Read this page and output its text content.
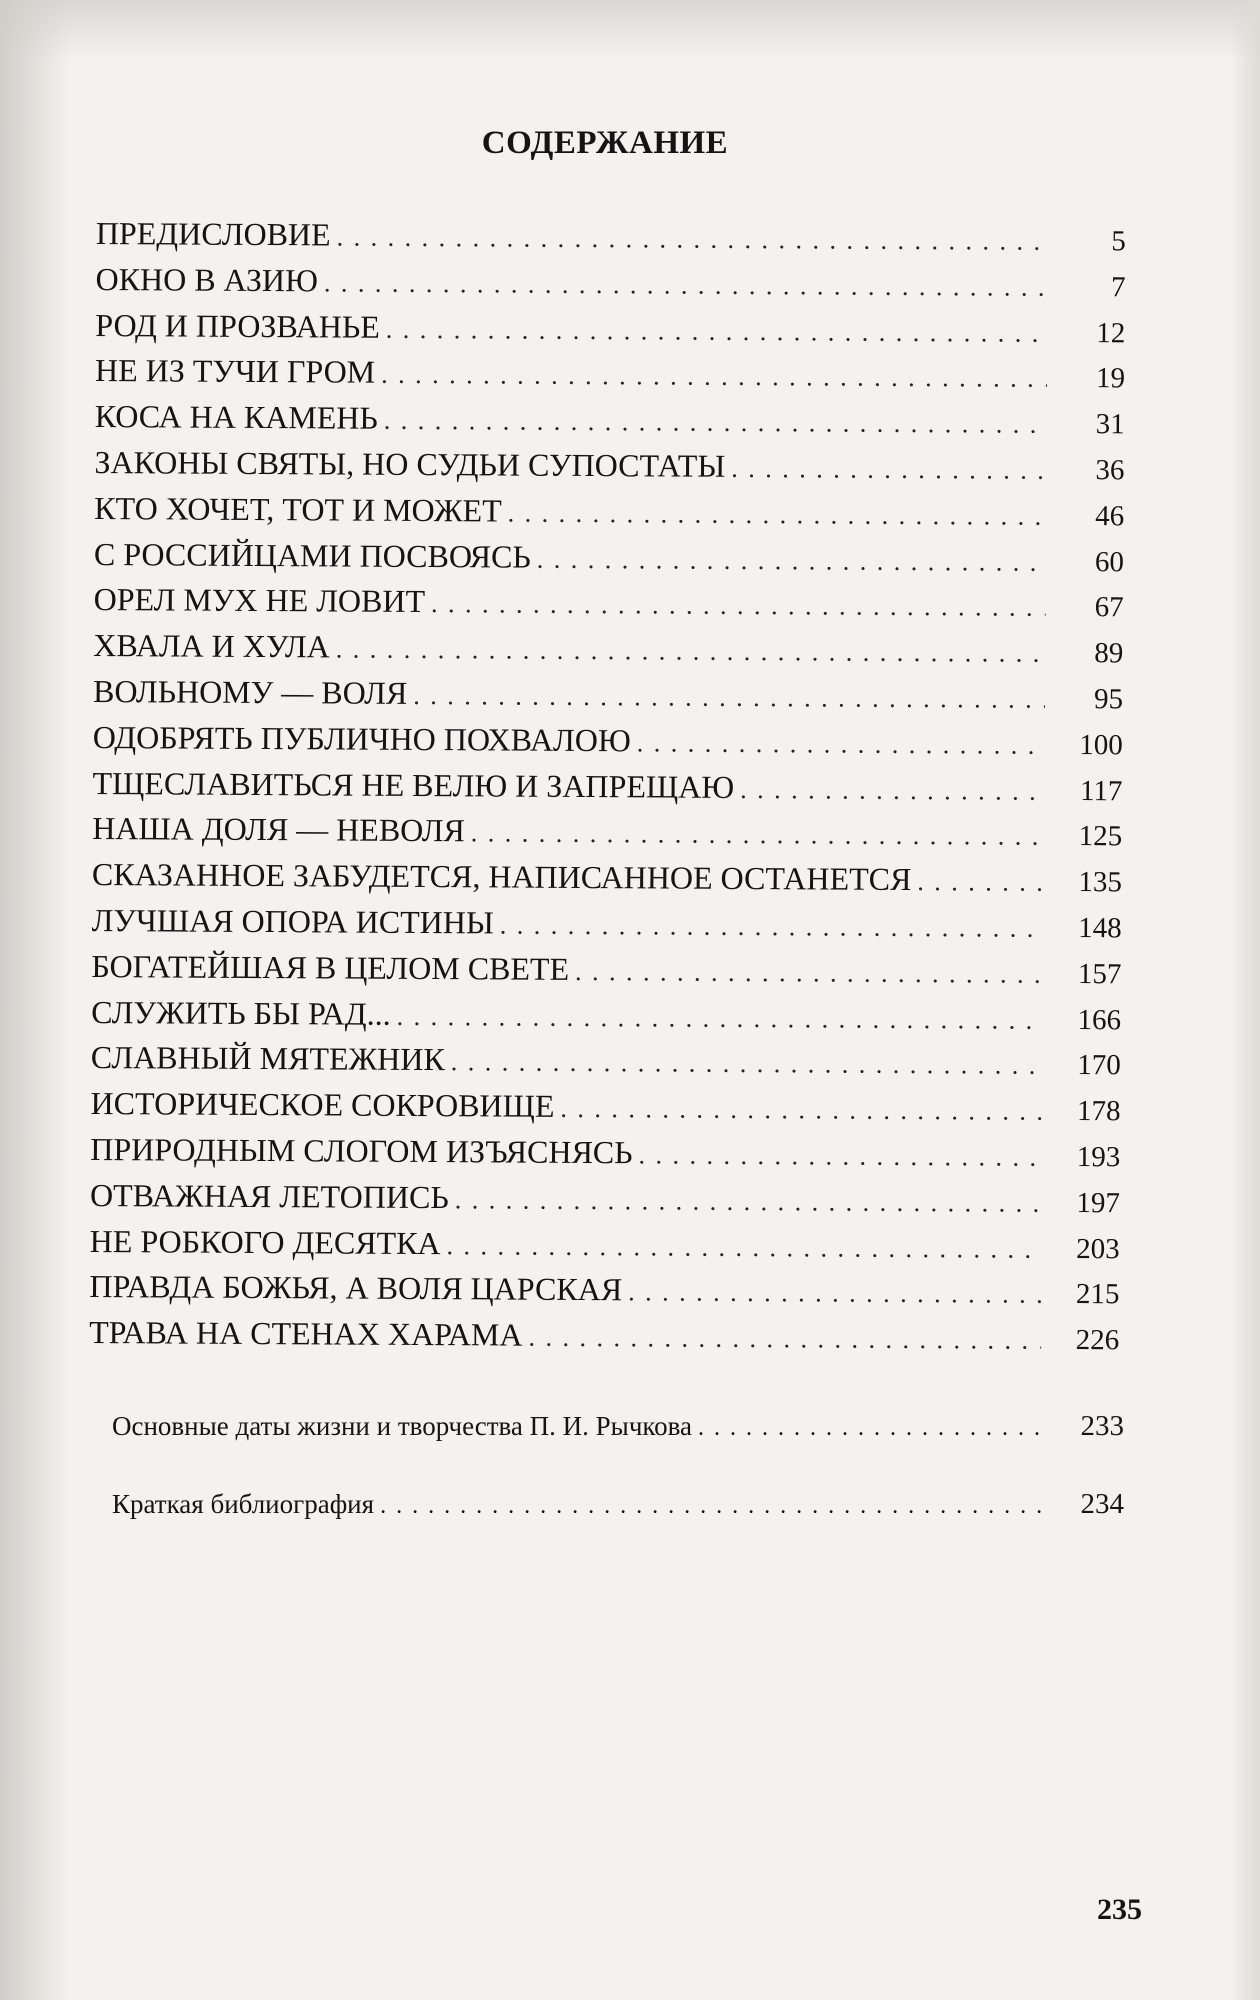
СОДЕРЖАНИЕ
ПРЕДИСЛОВИЕ . . .	5
ОКНО В АЗИЮ . . .	7
РОД И ПРОЗВАНЬЕ . . .	12
НЕ ИЗ ТУЧИ ГРОМ . . .	19
КОСА НА КАМЕНЬ . . .	31
ЗАКОНЫ СВЯТЫ, НО СУДЬИ СУПОСТАТЫ . . .	36
КТО ХОЧЕТ, ТОТ И МОЖЕТ . . .	46
С РОССИЙЦАМИ ПОСВОЯСЬ . . .	60
ОРЕЛ МУХ НЕ ЛОВИТ . . .	67
ХВАЛА И ХУЛА . . .	89
ВОЛЬНОМУ — ВОЛЯ . . .	95
ОДОБРЯТЬ ПУБЛИЧНО ПОХВАЛОЮ . . .	100
ТЩЕСЛАВИТЬСЯ НЕ ВЕЛЮ И ЗАПРЕЩАЮ . . .	117
НАША ДОЛЯ — НЕВОЛЯ . . .	125
СКАЗАННОЕ ЗАБУДЕТСЯ, НАПИСАННОЕ ОСТАНЕТСЯ . . .	135
ЛУЧШАЯ ОПОРА ИСТИНЫ . . .	148
БОГАТЕЙШАЯ В ЦЕЛОМ СВЕТЕ . . .	157
СЛУЖИТЬ БЫ РАД... . . .	166
СЛАВНЫЙ МЯТЕЖНИК . . .	170
ИСТОРИЧЕСКОЕ СОКРОВИЩЕ . . .	178
ПРИРОДНЫМ СЛОГОМ ИЗЪЯСНЯСЬ . . .	193
ОТВАЖНАЯ ЛЕТОПИСЬ . . .	197
НЕ РОБКОГО ДЕСЯТКА . . .	203
ПРАВДА БОЖЬЯ, А ВОЛЯ ЦАРСКАЯ . . .	215
ТРАВА НА СТЕНАХ ХАРАМА . . .	226
Основные даты жизни и творчества П. И. Рычкова . . .	233
Краткая библиография . . .	234
235
